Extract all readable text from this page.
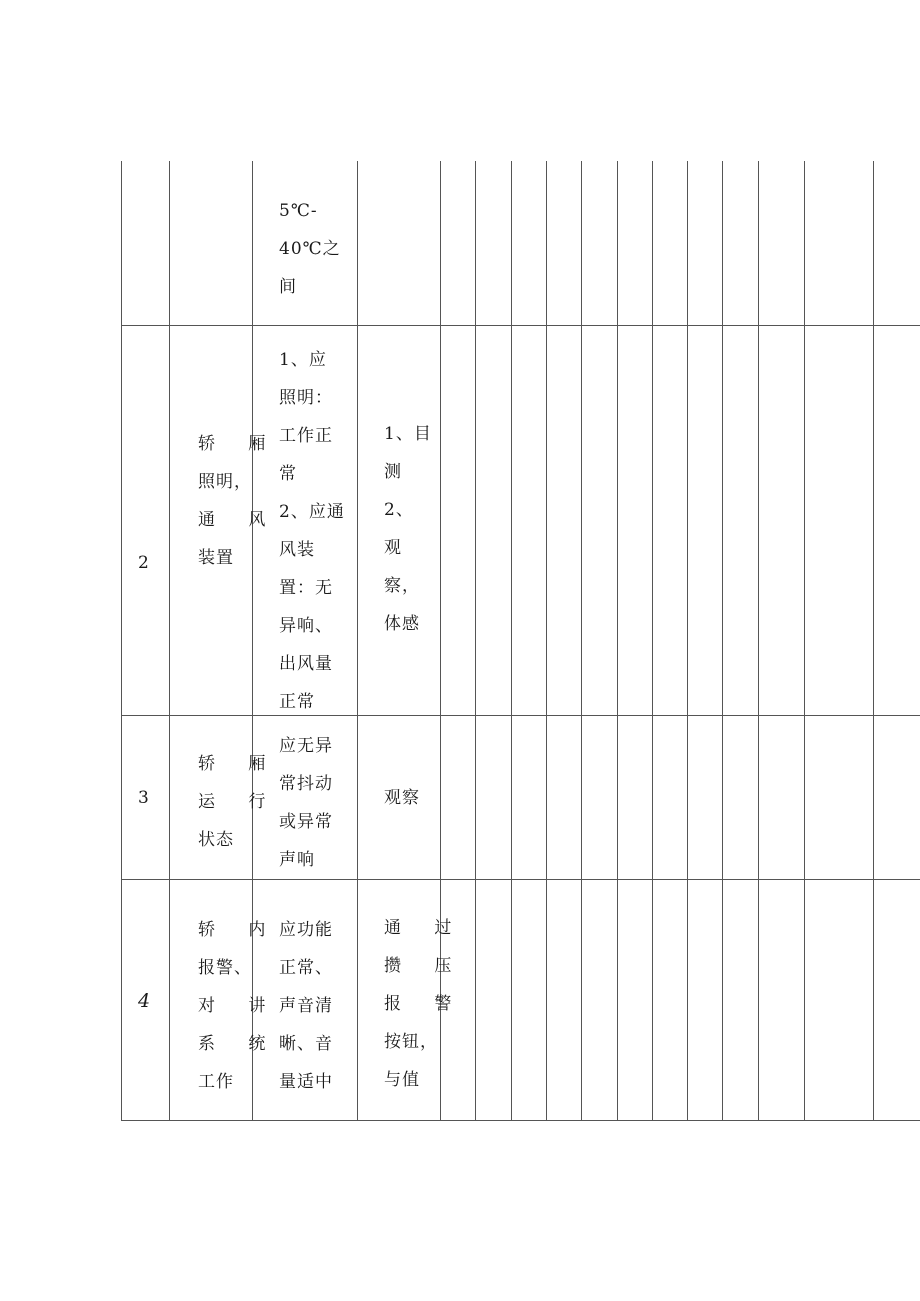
5℃-
40℃之
间
2
轿 厢
照明，
通 风
装置
1、应
照明：
工作正
常
2、应通
风装
置：无
异响、
出风量
正常
1、目
测
2、
观
察，
体感
3
轿 厢
运 行
状态
应无异
常抖动
或异常
声响
观察
4
轿 内
报警、
对 讲
系 统
工作
应功能
正常、
声音清
晰、音
量适中
通 过
攒 压
报 警
按钮，
与值
